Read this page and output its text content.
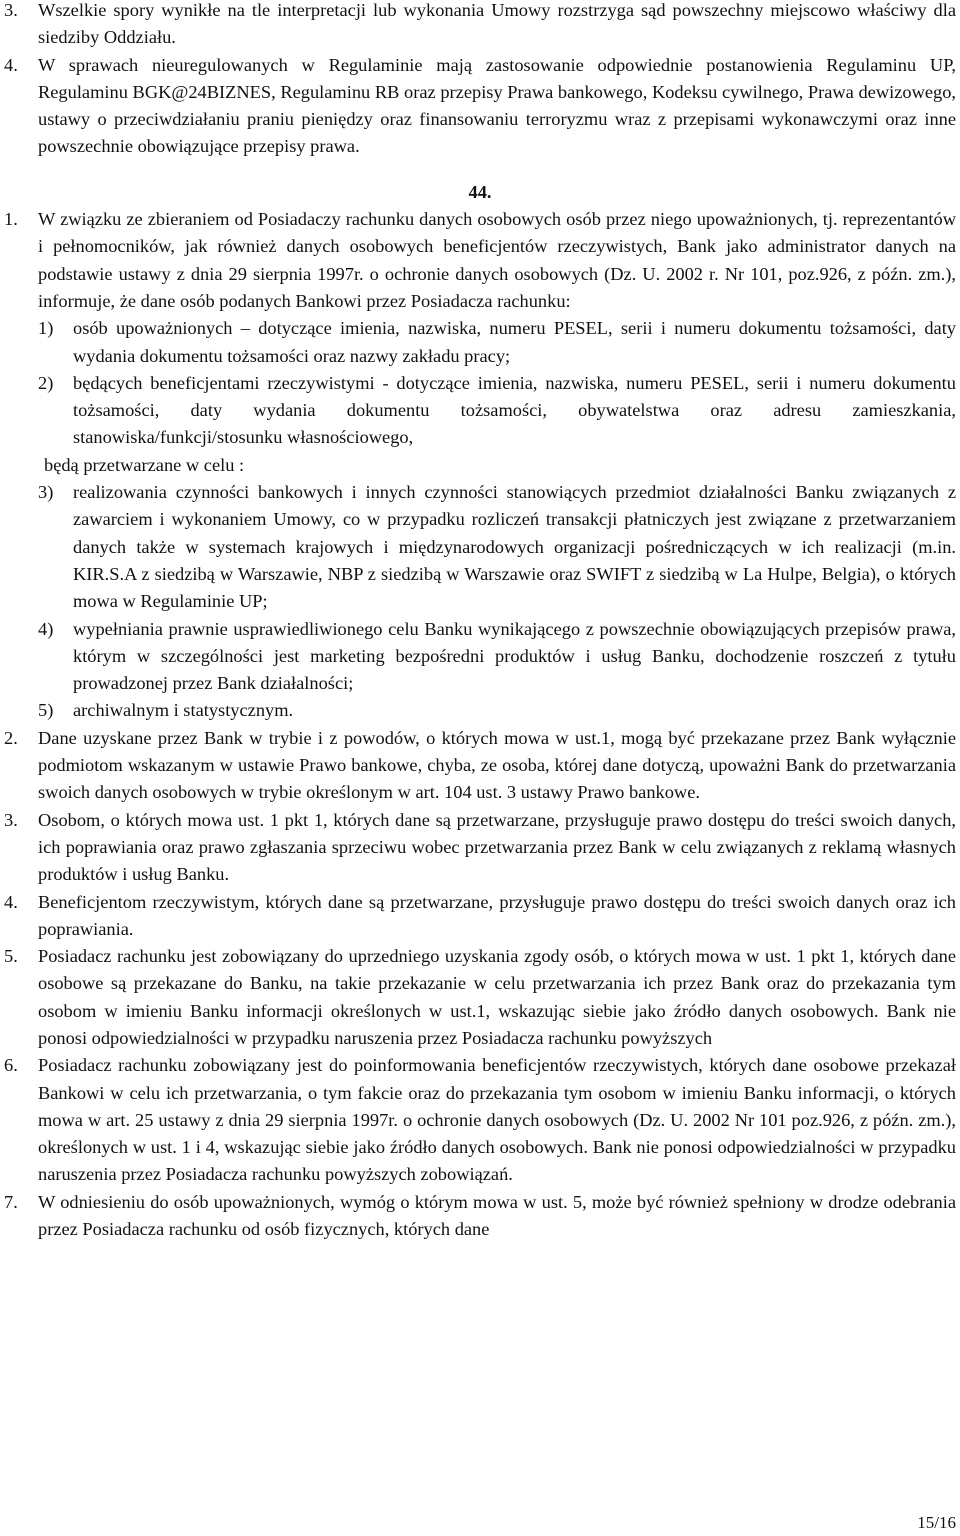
3. Wszelkie spory wynikłe na tle interpretacji lub wykonania Umowy rozstrzyga sąd powszechny miejscowo właściwy dla siedziby Oddziału.
4. W sprawach nieuregulowanych w Regulaminie mają zastosowanie odpowiednie postanowienia Regulaminu UP, Regulaminu BGK@24BIZNES, Regulaminu RB oraz przepisy Prawa bankowego, Kodeksu cywilnego, Prawa dewizowego, ustawy o przeciwdziałaniu praniu pieniędzy oraz finansowaniu terroryzmu wraz z przepisami wykonawczymi oraz inne powszechnie obowiązujące przepisy prawa.
44.
1. W związku ze zbieraniem od Posiadaczy rachunku danych osobowych osób przez niego upoważnionych, tj. reprezentantów i pełnomocników, jak również danych osobowych beneficjentów rzeczywistych, Bank jako administrator danych na podstawie ustawy z dnia 29 sierpnia 1997r. o ochronie danych osobowych (Dz. U. 2002 r. Nr 101, poz.926, z późn. zm.), informuje, że dane osób podanych Bankowi przez Posiadacza rachunku:
1) osób upoważnionych – dotyczące imienia, nazwiska, numeru PESEL, serii i numeru dokumentu tożsamości, daty wydania dokumentu tożsamości oraz nazwy zakładu pracy;
2) będących beneficjentami rzeczywistymi - dotyczące imienia, nazwiska, numeru PESEL, serii i numeru dokumentu tożsamości, daty wydania dokumentu tożsamości, obywatelstwa oraz adresu zamieszkania, stanowiska/funkcji/stosunku własnościowego,
będą przetwarzane w celu :
3) realizowania czynności bankowych i innych czynności stanowiących przedmiot działalności Banku związanych z zawarciem i wykonaniem Umowy, co w przypadku rozliczeń transakcji płatniczych jest związane z przetwarzaniem danych także w systemach krajowych i międzynarodowych organizacji pośredniczących w ich realizacji (m.in. KIR.S.A z siedzibą w Warszawie, NBP z siedzibą w Warszawie oraz SWIFT z siedzibą w La Hulpe, Belgia), o których mowa w Regulaminie UP;
4) wypełniania prawnie usprawiedliwionego celu Banku wynikającego z powszechnie obowiązujących przepisów prawa, którym w szczególności jest marketing bezpośredni produktów i usług Banku, dochodzenie roszczeń z tytułu prowadzonej przez Bank działalności;
5) archiwalnym i statystycznym.
2. Dane uzyskane przez Bank w trybie i z powodów, o których mowa w ust.1, mogą być przekazane przez Bank wyłącznie podmiotom wskazanym w ustawie Prawo bankowe, chyba, ze osoba, której dane dotyczą, upoważni Bank do przetwarzania swoich danych osobowych w trybie określonym w art. 104 ust. 3 ustawy Prawo bankowe.
3. Osobom, o których mowa ust. 1 pkt 1, których dane są przetwarzane, przysługuje prawo dostępu do treści swoich danych, ich poprawiania oraz prawo zgłaszania sprzeciwu wobec przetwarzania przez Bank w celu związanych z reklamą własnych produktów i usług Banku.
4. Beneficjentom rzeczywistym, których dane są przetwarzane, przysługuje prawo dostępu do treści swoich danych oraz ich poprawiania.
5. Posiadacz rachunku jest zobowiązany do uprzedniego uzyskania zgody osób, o których mowa w ust. 1 pkt 1, których dane osobowe są przekazane do Banku, na takie przekazanie w celu przetwarzania ich przez Bank oraz do przekazania tym osobom w imieniu Banku informacji określonych w ust.1, wskazując siebie jako źródło danych osobowych. Bank nie ponosi odpowiedzialności w przypadku naruszenia przez Posiadacza rachunku powyższych
6. Posiadacz rachunku zobowiązany jest do poinformowania beneficjentów rzeczywistych, których dane osobowe przekazał Bankowi w celu ich przetwarzania, o tym fakcie oraz do przekazania tym osobom w imieniu Banku informacji, o których mowa w art. 25 ustawy z dnia 29 sierpnia 1997r. o ochronie danych osobowych (Dz. U. 2002 Nr 101 poz.926, z późn. zm.), określonych w ust. 1 i 4, wskazując siebie jako źródło danych osobowych. Bank nie ponosi odpowiedzialności w przypadku naruszenia przez Posiadacza rachunku powyższych zobowiązań.
7. W odniesieniu do osób upoważnionych, wymóg o którym mowa w ust. 5, może być również spełniony w drodze odebrania przez Posiadacza rachunku od osób fizycznych, których dane
15/16
